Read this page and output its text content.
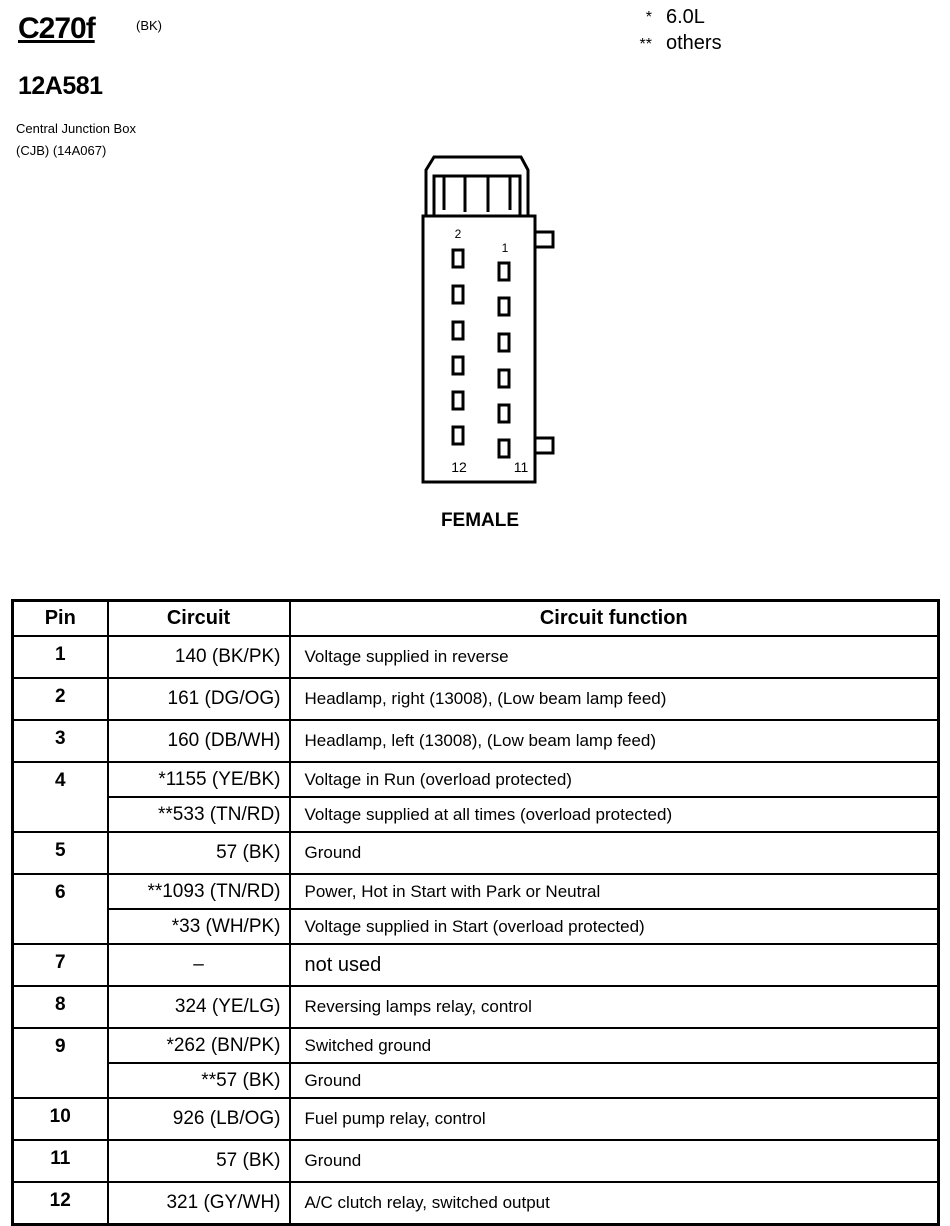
C270f	(BK)
12A581
Central Junction Box
(CJB) (14A067)
* 6.0L
** others
2
1
12	11
FEMALE
Pin	Circuit	Circuit function
1	140 (BK/PK)	Voltage supplied in reverse
2	161 (DG/OG)	Headlamp, right (13008), (Low beam lamp feed)
3	160 (DB/WH)	Headlamp, left (13008), (Low beam lamp feed)
4	*1155 (YE/BK)	Voltage in Run (overload protected)
	**533 (TN/RD)	Voltage supplied at all times (overload protected)
5	57 (BK)	Ground
6	**1093 (TN/RD)	Power, Hot in Start with Park or Neutral
	*33 (WH/PK)	Voltage supplied in Start (overload protected)
7	–	not used
8	324 (YE/LG)	Reversing lamps relay, control
9	*262 (BN/PK)	Switched ground
	**57 (BK)	Ground
10	926 (LB/OG)	Fuel pump relay, control
11	57 (BK)	Ground
12	321 (GY/WH)	A/C clutch relay, switched output
